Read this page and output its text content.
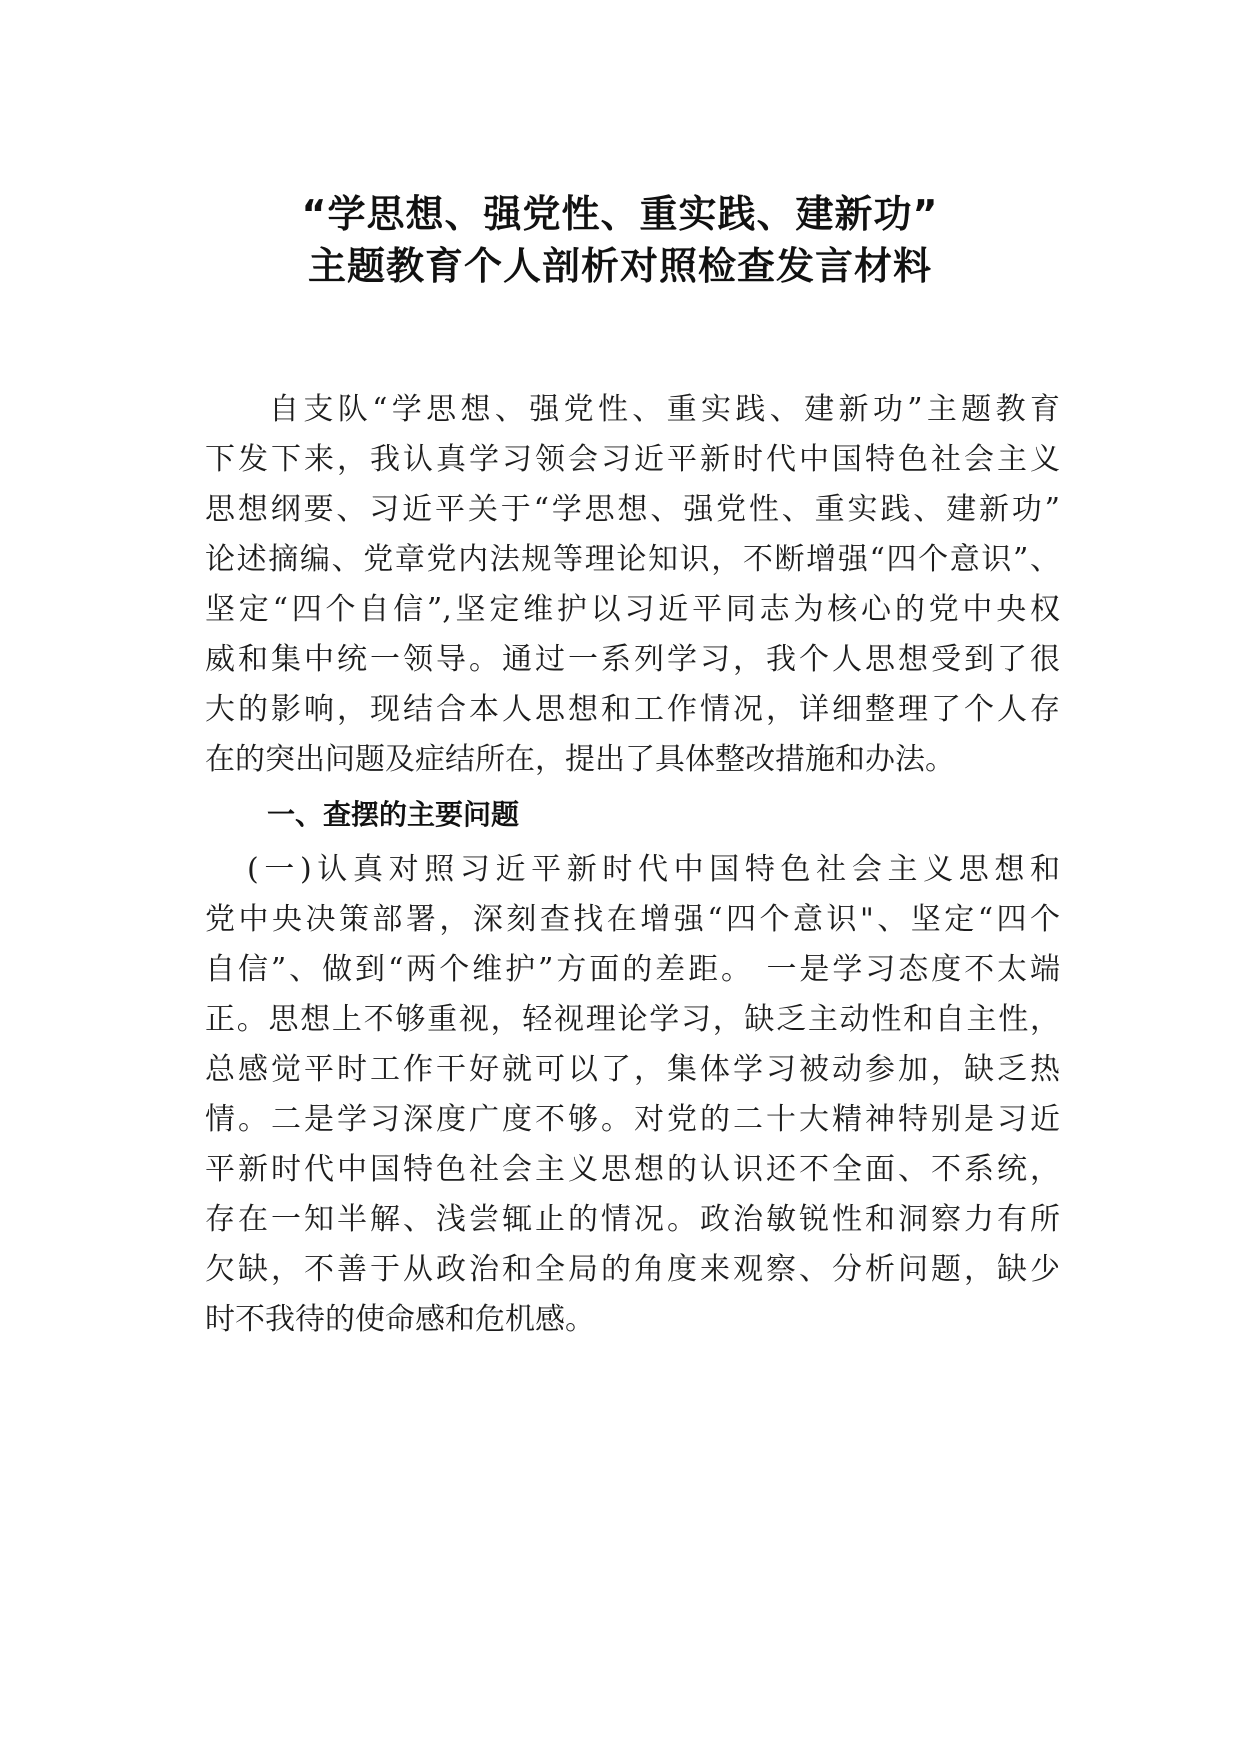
“学思想、强党性、重实践、建新功”
主题教育个人剖析对照检查发言材料
自支队“学思想、强党性、重实践、建新功”主题教育
下发下来，我认真学习领会习近平新时代中国特色社会主义
思想纲要、习近平关于“学思想、强党性、重实践、建新功”
论述摘编、党章党内法规等理论知识，不断增强“四个意识”、
坚定“四个自信”,坚定维护以习近平同志为核心的党中央权
威和集中统一领导。通过一系列学习，我个人思想受到了很
大的影响，现结合本人思想和工作情况，详细整理了个人存
在的突出问题及症结所在，提出了具体整改措施和办法。
一、查摆的主要问题
(一)认真对照习近平新时代中国特色社会主义思想和
党中央决策部署，深刻查找在增强“四个意识"、坚定“四个
自信”、做到“两个维护”方面的差距。 一是学习态度不太端
正。思想上不够重视，轻视理论学习，缺乏主动性和自主性，
总感觉平时工作干好就可以了，集体学习被动参加，缺乏热
情。二是学习深度广度不够。对党的二十大精神特别是习近
平新时代中国特色社会主义思想的认识还不全面、不系统，
存在一知半解、浅尝辄止的情况。政治敏锐性和洞察力有所
欠缺，不善于从政治和全局的角度来观察、分析问题，缺少
时不我待的使命感和危机感。
